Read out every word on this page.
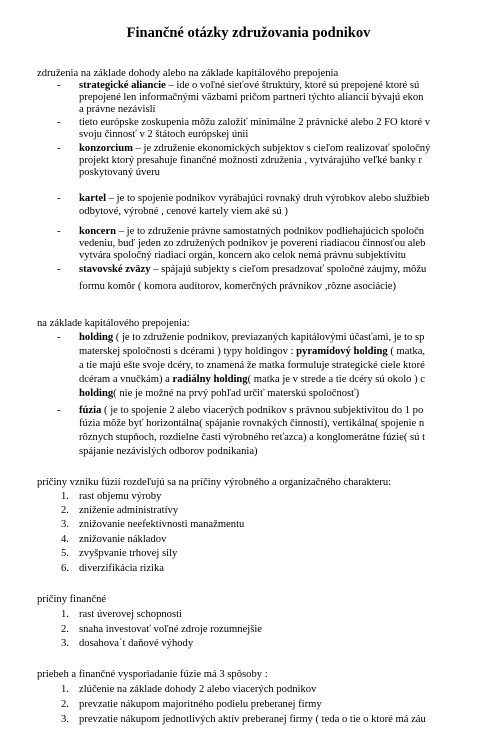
Finančné otázky združovania podnikov
združenia na základe dohody alebo na základe kapitálového prepojenia
- strategické aliancie – ide o voľné sieťové štruktúry, ktoré sú prepojené ktoré sú
prepojené len informačnými väzbami pričom partneri týchto aliancií bývajú ekon
a právne nezávislí
- tieto európske zoskupenia môžu založiť minimálne 2 právnické alebo 2 FO ktoré v
svoju činnosť v 2 štátoch európskej únii
- konzorcium – je združenie ekonomických subjektov s cieľom realizovať spoločný
projekt ktorý presahuje finančné možnosti združenia , vytvárajúho veľké banky r
poskytovaný úveru
- kartel – je to spojenie podnikov vyrábajúci rovnaký druh výrobkov alebo službieb
odbytové, výrobné , cenové kartely viem aké sú )
- koncern – je to združenie právne samostatných podnikov podliehajúcich spoločn
vedeniu, buď jeden zo združených podnikov je poverení riadiacou činnosťou aleb
vytvára spoločný riadiaci orgán, koncern ako celok nemá právnu subjektivitu
- stavovské zväzy – spájajú subjekty s cieľom presadzovať spoločné záujmy, môžu
formu komôr ( komora audítorov, komerčných právnikov ,rôzne asociácie)
na základe kapitálového prepojenia:
- holding ( je to združenie podnikov, previazaných kapitálovými účasťami, je to sp
materskej spoločnosti s dcérami ) typy holdingov : pyramídový holding ( matka,
a tie majú ešte svoje dcéry, to znamená že matka formuluje strategické ciele ktoré
dcéram a vnučkám) a radiálny holding( matka je v strede a tie dcéry sú okolo ) c
holding( nie je možné na prvý pohľad určiť materskú spoločnosť)
- fúzia ( je to spojenie 2 alebo viacerých podnikov s právnou subjektivitou do 1 po
fúzia môže byť horizontálna( spájanie rovnakých činností), vertikálna( spojenie n
rôznych stupňoch, rozdielne časti výrobného reťazca) a konglomerátne fúzie( sú t
spájanie nezávislých odborov podnikania)
príčiny vzniku fúzií rozdeľujú sa na príčiny výrobného a organizačného charakteru:
1. rast objemu výroby
2. zníženie administratívy
3. znižovanie neefektívnosti manažmentu
4. znižovanie nákladov
5. zvyšpvanie trhovej sily
6. diverzifikácia rizika
príčiny finančné
1. rast úverovej schopnosti
2. snaha investovať voľné zdroje rozumnejšie
3. dosahova´t daňové výhody
priebeh a finančné vysporiadanie fúzie má 3 spôsoby :
1. zlúčenie na základe dohody 2 alebo viacerých podnikov
2. prevzatie nákupom majoritného podielu preberanej firmy
3. prevzatie nákupom jednotlivých aktív preberanej firmy ( teda o tie o ktoré má záu
